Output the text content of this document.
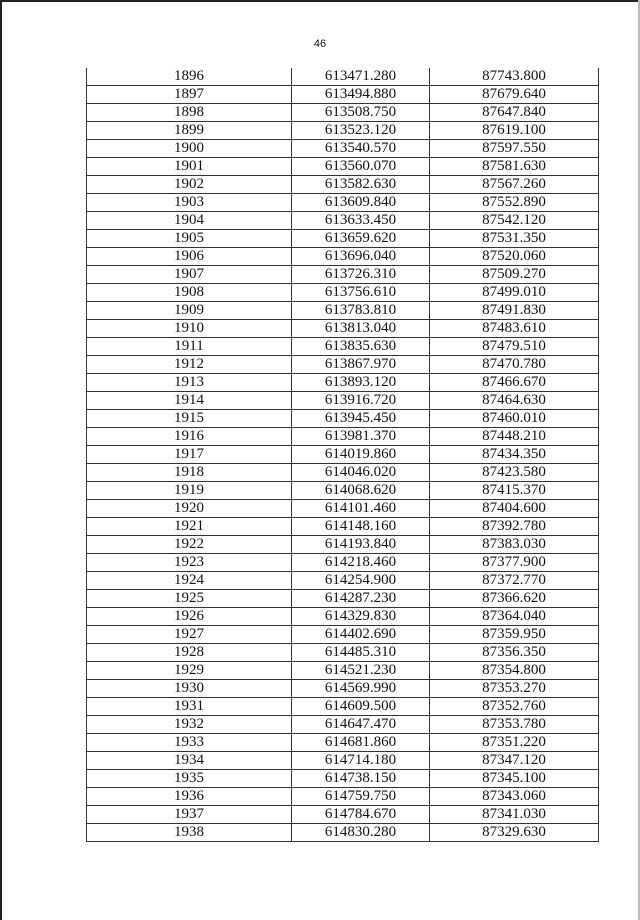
46
1896	613471.280	87743.800
1897	613494.880	87679.640
1898	613508.750	87647.840
1899	613523.120	87619.100
1900	613540.570	87597.550
1901	613560.070	87581.630
1902	613582.630	87567.260
1903	613609.840	87552.890
1904	613633.450	87542.120
1905	613659.620	87531.350
1906	613696.040	87520.060
1907	613726.310	87509.270
1908	613756.610	87499.010
1909	613783.810	87491.830
1910	613813.040	87483.610
1911	613835.630	87479.510
1912	613867.970	87470.780
1913	613893.120	87466.670
1914	613916.720	87464.630
1915	613945.450	87460.010
1916	613981.370	87448.210
1917	614019.860	87434.350
1918	614046.020	87423.580
1919	614068.620	87415.370
1920	614101.460	87404.600
1921	614148.160	87392.780
1922	614193.840	87383.030
1923	614218.460	87377.900
1924	614254.900	87372.770
1925	614287.230	87366.620
1926	614329.830	87364.040
1927	614402.690	87359.950
1928	614485.310	87356.350
1929	614521.230	87354.800
1930	614569.990	87353.270
1931	614609.500	87352.760
1932	614647.470	87353.780
1933	614681.860	87351.220
1934	614714.180	87347.120
1935	614738.150	87345.100
1936	614759.750	87343.060
1937	614784.670	87341.030
1938	614830.280	87329.630
